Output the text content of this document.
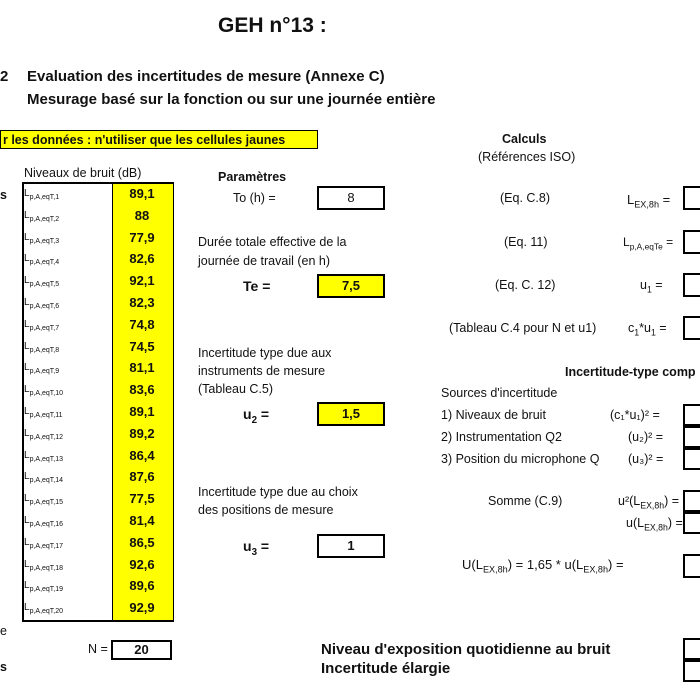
GEH n°13 :
2 Evaluation des incertitudes de mesure (Annexe C)
Mesurage basé sur la fonction ou sur une journée entière
r les données : n'utiliser que les cellules jaunes
Niveaux de bruit (dB)
s
e
s
$L_{p,A,eqT,1}$	89,1
$L_{p,A,eqT,2}$	88
$L_{p,A,eqT,3}$	77,9
$L_{p,A,eqT,4}$	82,6
$L_{p,A,eqT,5}$	92,1
$L_{p,A,eqT,6}$	82,3
$L_{p,A,eqT,7}$	74,8
$L_{p,A,eqT,8}$	74,5
$L_{p,A,eqT,9}$	81,1
$L_{p,A,eqT,10}$	83,6
$L_{p,A,eqT,11}$	89,1
$L_{p,A,eqT,12}$	89,2
$L_{p,A,eqT,13}$	86,4
$L_{p,A,eqT,14}$	87,6
$L_{p,A,eqT,15}$	77,5
$L_{p,A,eqT,16}$	81,4
$L_{p,A,eqT,17}$	86,5
$L_{p,A,eqT,18}$	92,6
$L_{p,A,eqT,19}$	89,6
$L_{p,A,eqT,20}$	92,9
N =	20
Paramètres
To (h) =	8
Durée totale effective de la
journée de travail (en h)
Te =	7,5
Incertitude type due aux
instruments de mesure
(Tableau C.5)
$u_2$ =	1,5
Incertitude type due au choix
des positions de mesure
$u_3$ =	1
Calculs
(Références ISO)
(Eq. C.8)	$L_{EX,8h}$ =
(Eq. 11)	$L_{p,A,eqTe}$ =
(Eq. C. 12)	$u_1$ =
(Tableau C.4 pour N et u1)	$c_1*u_1$ =
Incertitude-type comp
Sources d'incertitude
1) Niveaux de bruit	(c₁*u₁)² =
2) Instrumentation Q2	(u₂)² =
3) Position du microphone Q (u₃)² =
Somme (C.9)	$u^2(L_{EX,8h})$ =
$u(L_{EX,8h})$ =
$U(L_{EX,8h}) = 1,65 * u(L_{EX,8h})$ =
Niveau d'exposition quotidienne au bruit
Incertitude élargie
